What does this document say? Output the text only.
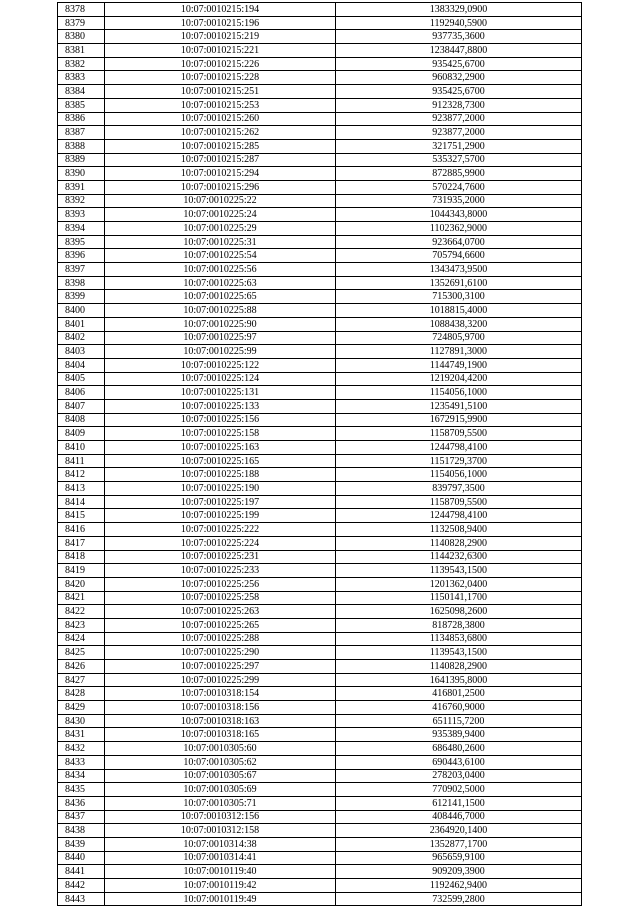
8378	10:07:0010215:194	1383329,0900
8379	10:07:0010215:196	1192940,5900
8380	10:07:0010215:219	937735,3600
8381	10:07:0010215:221	1238447,8800
8382	10:07:0010215:226	935425,6700
8383	10:07:0010215:228	960832,2900
8384	10:07:0010215:251	935425,6700
8385	10:07:0010215:253	912328,7300
8386	10:07:0010215:260	923877,2000
8387	10:07:0010215:262	923877,2000
8388	10:07:0010215:285	321751,2900
8389	10:07:0010215:287	535327,5700
8390	10:07:0010215:294	872885,9900
8391	10:07:0010215:296	570224,7600
8392	10:07:0010225:22	731935,2000
8393	10:07:0010225:24	1044343,8000
8394	10:07:0010225:29	1102362,9000
8395	10:07:0010225:31	923664,0700
8396	10:07:0010225:54	705794,6600
8397	10:07:0010225:56	1343473,9500
8398	10:07:0010225:63	1352691,6100
8399	10:07:0010225:65	715300,3100
8400	10:07:0010225:88	1018815,4000
8401	10:07:0010225:90	1088438,3200
8402	10:07:0010225:97	724805,9700
8403	10:07:0010225:99	1127891,3000
8404	10:07:0010225:122	1144749,1900
8405	10:07:0010225:124	1219204,4200
8406	10:07:0010225:131	1154056,1000
8407	10:07:0010225:133	1235491,5100
8408	10:07:0010225:156	1672915,9900
8409	10:07:0010225:158	1158709,5500
8410	10:07:0010225:163	1244798,4100
8411	10:07:0010225:165	1151729,3700
8412	10:07:0010225:188	1154056,1000
8413	10:07:0010225:190	839797,3500
8414	10:07:0010225:197	1158709,5500
8415	10:07:0010225:199	1244798,4100
8416	10:07:0010225:222	1132508,9400
8417	10:07:0010225:224	1140828,2900
8418	10:07:0010225:231	1144232,6300
8419	10:07:0010225:233	1139543,1500
8420	10:07:0010225:256	1201362,0400
8421	10:07:0010225:258	1150141,1700
8422	10:07:0010225:263	1625098,2600
8423	10:07:0010225:265	818728,3800
8424	10:07:0010225:288	1134853,6800
8425	10:07:0010225:290	1139543,1500
8426	10:07:0010225:297	1140828,2900
8427	10:07:0010225:299	1641395,8000
8428	10:07:0010318:154	416801,2500
8429	10:07:0010318:156	416760,9000
8430	10:07:0010318:163	651115,7200
8431	10:07:0010318:165	935389,9400
8432	10:07:0010305:60	686480,2600
8433	10:07:0010305:62	690443,6100
8434	10:07:0010305:67	278203,0400
8435	10:07:0010305:69	770902,5000
8436	10:07:0010305:71	612141,1500
8437	10:07:0010312:156	408446,7000
8438	10:07:0010312:158	2364920,1400
8439	10:07:0010314:38	1352877,1700
8440	10:07:0010314:41	965659,9100
8441	10:07:0010119:40	909209,3900
8442	10:07:0010119:42	1192462,9400
8443	10:07:0010119:49	732599,2800
